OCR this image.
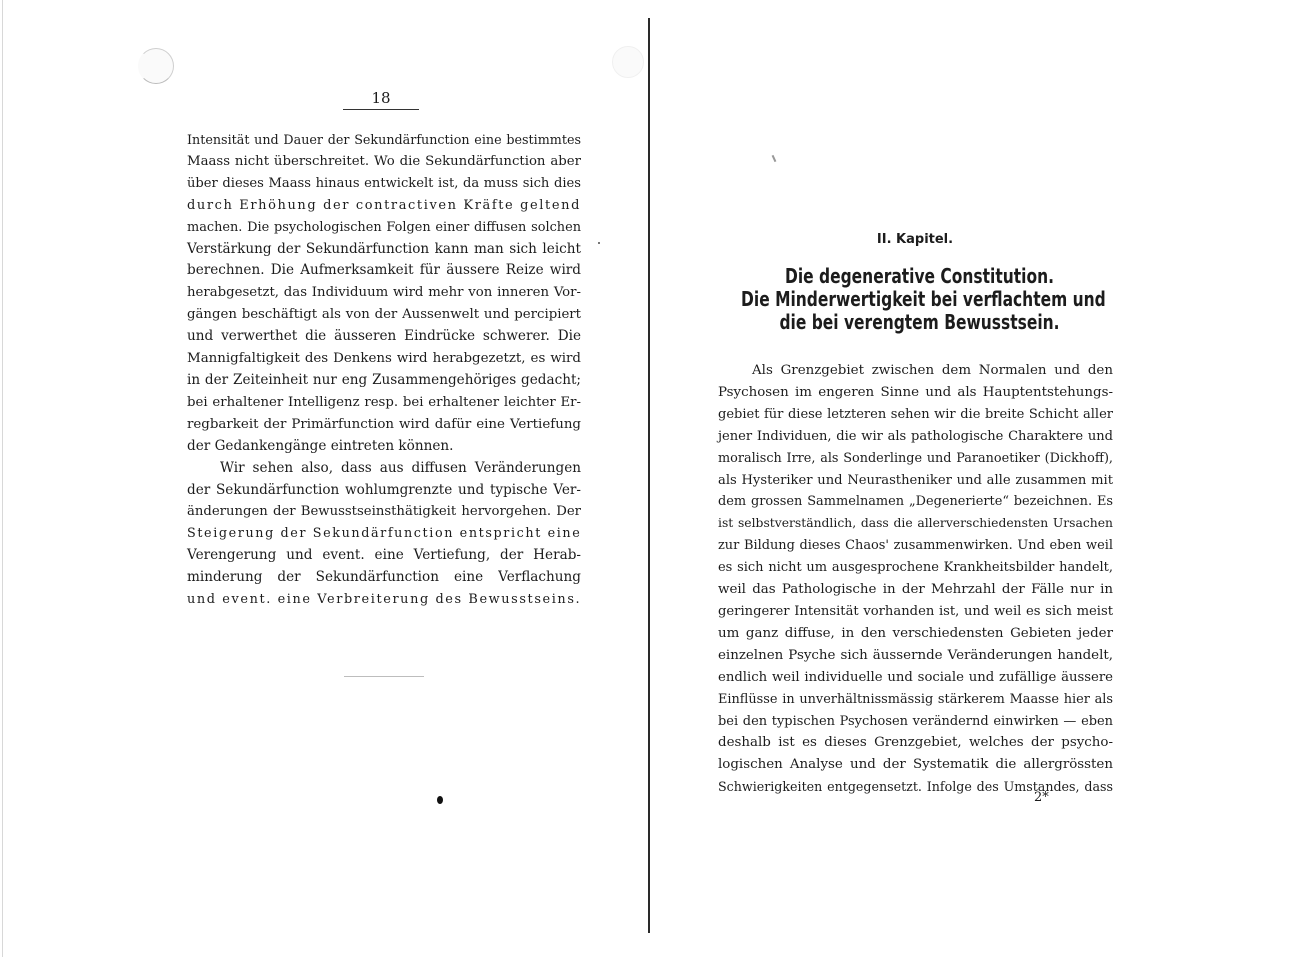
18
Intensität und Dauer der Sekundärfunction eine bestimmtes
Maass nicht überschreitet. Wo die Sekundärfunction aber
über dieses Maass hinaus entwickelt ist, da muss sich dies
durch Erhöhung der contractiven Kräfte geltend
machen. Die psychologischen Folgen einer diffusen solchen
Verstärkung der Sekundärfunction kann man sich leicht
berechnen. Die Aufmerksamkeit für äussere Reize wird
herabgesetzt, das Individuum wird mehr von inneren Vor-
gängen beschäftigt als von der Aussenwelt und percipiert
und verwerthet die äusseren Eindrücke schwerer. Die
Mannigfaltigkeit des Denkens wird herabgezetzt, es wird
in der Zeiteinheit nur eng Zusammengehöriges gedacht;
bei erhaltener Intelligenz resp. bei erhaltener leichter Er-
regbarkeit der Primärfunction wird dafür eine Vertiefung
der Gedankengänge eintreten können.
Wir sehen also, dass aus diffusen Veränderungen
der Sekundärfunction wohlumgrenzte und typische Ver-
änderungen der Bewusstseinsthätigkeit hervorgehen. Der
Steigerung der Sekundärfunction entspricht eine
Verengerung und event. eine Vertiefung, der Herab-
minderung der Sekundärfunction eine Verflachung
und event. eine Verbreiterung des Bewusstseins.
II. Kapitel.
Die degenerative Constitution.
Die Minderwertigkeit bei verflachtem und
die bei verengtem Bewusstsein.
Als Grenzgebiet zwischen dem Normalen und den
Psychosen im engeren Sinne und als Hauptentstehungs-
gebiet für diese letzteren sehen wir die breite Schicht aller
jener Individuen, die wir als pathologische Charaktere und
moralisch Irre, als Sonderlinge und Paranoetiker (Dickhoff),
als Hysteriker und Neurastheniker und alle zusammen mit
dem grossen Sammelnamen „Degenerierte“ bezeichnen. Es
ist selbstverständlich, dass die allerverschiedensten Ursachen
zur Bildung dieses Chaos' zusammenwirken. Und eben weil
es sich nicht um ausgesprochene Krankheitsbilder handelt,
weil das Pathologische in der Mehrzahl der Fälle nur in
geringerer Intensität vorhanden ist, und weil es sich meist
um ganz diffuse, in den verschiedensten Gebieten jeder
einzelnen Psyche sich äussernde Veränderungen handelt,
endlich weil individuelle und sociale und zufällige äussere
Einflüsse in unverhältnissmässig stärkerem Maasse hier als
bei den typischen Psychosen verändernd einwirken — eben
deshalb ist es dieses Grenzgebiet, welches der psycho-
logischen Analyse und der Systematik die allergrössten
Schwierigkeiten entgegensetzt. Infolge des Umstandes, dass
2*
